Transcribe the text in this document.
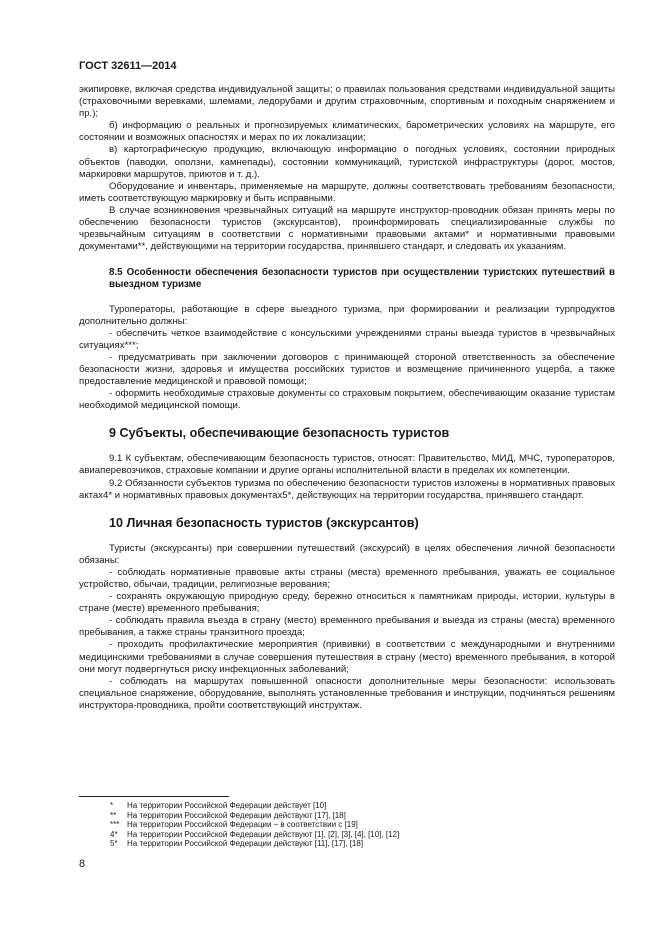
ГОСТ 32611—2014

экипировке, включая средства индивидуальной защиты; о правилах пользования средствами индивидуальной защиты (страховочными веревками, шлемами, ледорубами и другим страховочным, спортивным и походным снаряжением и пр.);

б) информацию о реальных и прогнозируемых климатических, барометрических условиях на маршруте, его состоянии и возможных опасностях и мерах по их локализации;

в) картографическую продукцию, включающую информацию о погодных условиях, состоянии природных объектов (паводки, оползни, камнепады), состоянии коммуникаций, туристской инфраструктуры (дорог, мостов, маркировки маршрутов, приютов и т. д.).

Оборудование и инвентарь, применяемые на маршруте, должны соответствовать требованиям безопасности, иметь соответствующую маркировку и быть исправными.

В случае возникновения чрезвычайных ситуаций на маршруте инструктор-проводник обязан принять меры по обеспечению безопасности туристов (экскурсантов), проинформировать специализированные службы по чрезвычайным ситуациям в соответствии с нормативными правовыми актами* и нормативными правовыми документами**, действующими на территории государства, принявшего стандарт, и следовать их указаниям.

8.5 Особенности обеспечения безопасности туристов при осуществлении туристских путешествий в выездном туризме

Туроператоры, работающие в сфере выездного туризма, при формировании и реализации турпродуктов дополнительно должны:

- обеспечить четкое взаимодействие с консульскими учреждениями страны выезда туристов в чрезвычайных ситуациях***;

- предусматривать при заключении договоров с принимающей стороной ответственность за обеспечение безопасности жизни, здоровья и имущества российских туристов и возмещение причиненного ущерба, а также предоставление медицинской и правовой помощи;

- оформить необходимые страховые документы со страховым покрытием, обеспечивающим оказание туристам необходимой медицинской помощи.

9 Субъекты, обеспечивающие безопасность туристов

9.1 К субъектам, обеспечивающим безопасность туристов, относят: Правительство, МИД, МЧС, туроператоров, авиаперевозчиков, страховые компании и другие органы исполнительной власти в пределах их компетенции.

9.2 Обязанности субъектов туризма по обеспечению безопасности туристов изложены в нормативных правовых актах4* и нормативных правовых документах5*, действующих на территории государства, принявшего стандарт.

10 Личная безопасность туристов (экскурсантов)

Туристы (экскурсанты) при совершении путешествий (экскурсий) в целях обеспечения личной безопасности обязаны:

- соблюдать нормативные правовые акты страны (места) временного пребывания, уважать ее социальное устройство, обычаи, традиции, религиозные верования;

- сохранять окружающую природную среду, бережно относиться к памятникам природы, истории, культуры в стране (месте) временного пребывания;

- соблюдать правила въезда в страну (место) временного пребывания и выезда из страны (места) временного пребывания, а также страны транзитного проезда;

- проходить профилактические мероприятия (прививки) в соответствии с международными и внутренними медицинскими требованиями в случае совершения путешествия в страну (место) временного пребывания, в которой они могут подвергнуться риску инфекционных заболеваний;

- соблюдать на маршрутах повышенной опасности дополнительные меры безопасности: использовать специальное снаряжение, оборудование, выполнять установленные требования и инструкции, подчиняться решениям инструктора-проводника, пройти соответствующий инструктаж.

* На территории Российской Федерации действует [10]
** На территории Российской Федерации действуют [17], [18]
*** На территории Российской Федерации – в соответствии с [19]
4* На территории Российской Федерации действуют [1], [2], [3], [4], [10], [12]
5* На территории Российской Федерации действуют [11], [17], [18]
8
